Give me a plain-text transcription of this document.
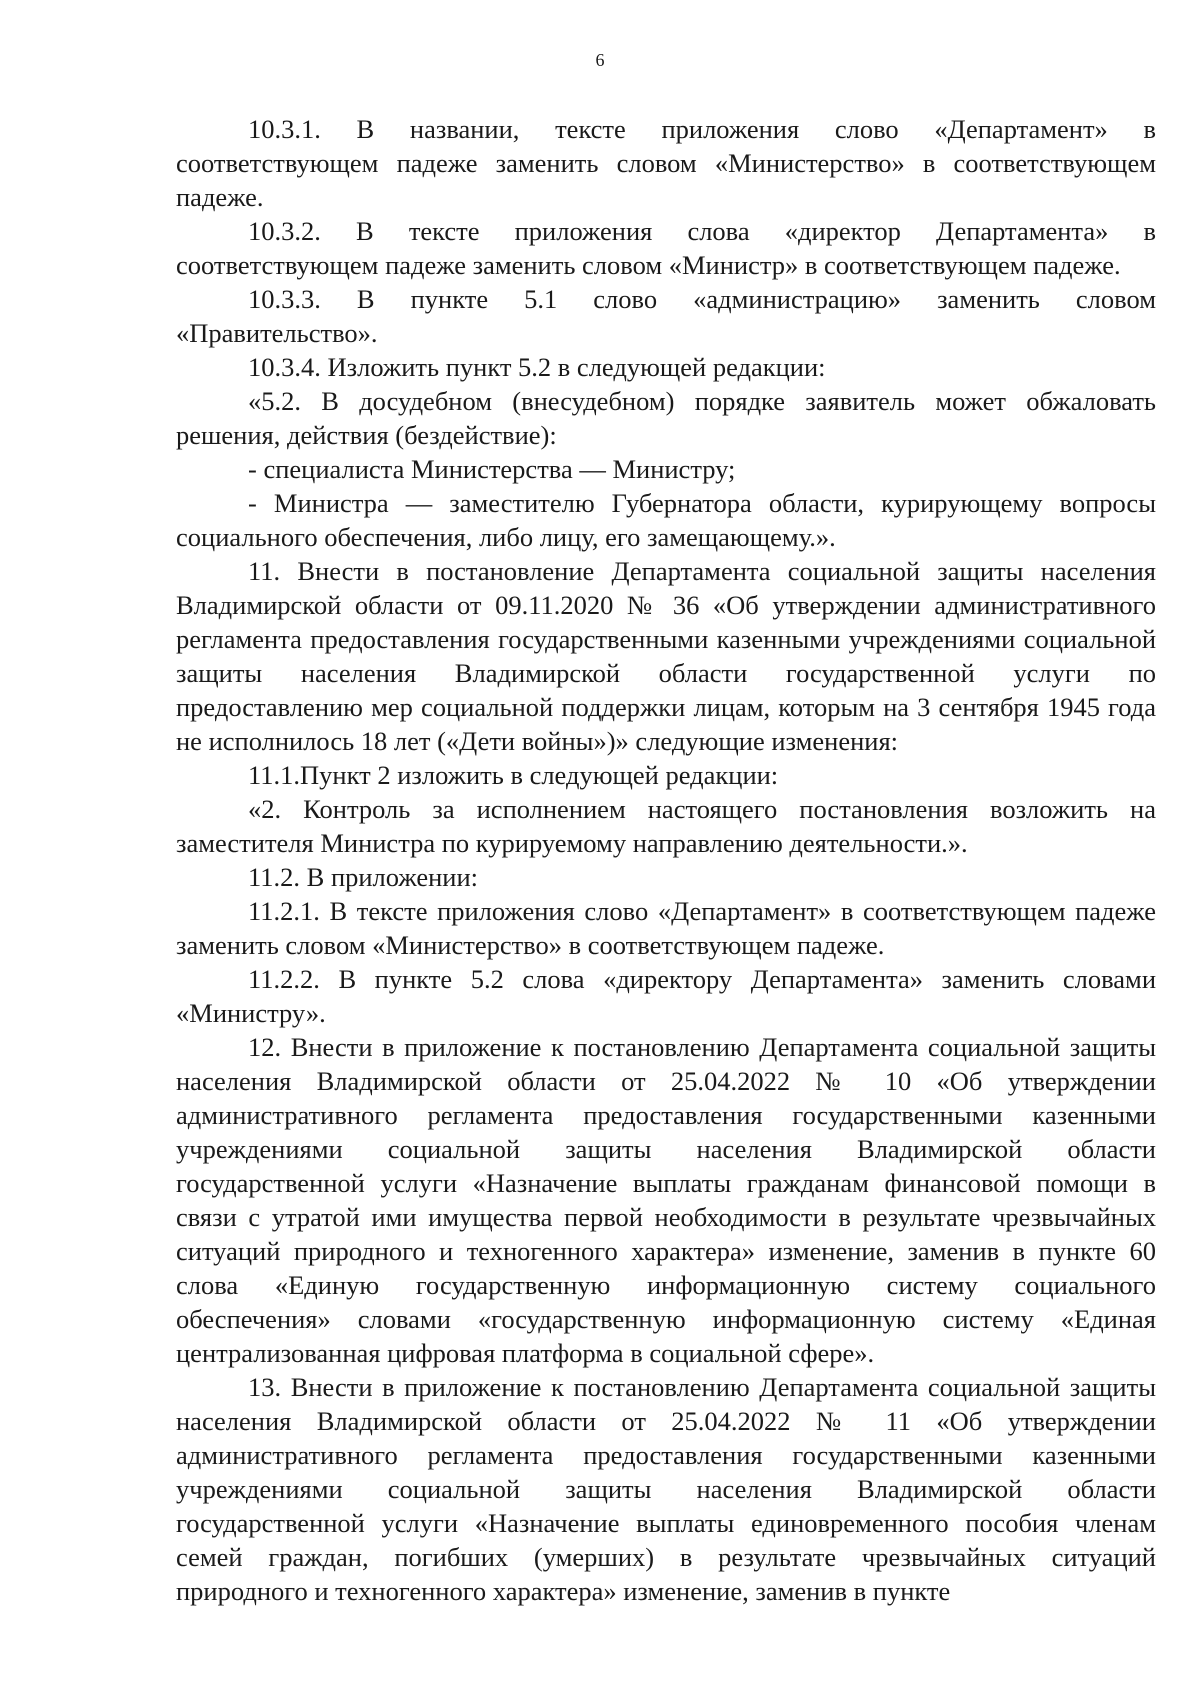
6

10.3.1. В названии, тексте приложения слово «Департамент» в соответствующем падеже заменить словом «Министерство» в соответствующем падеже.

10.3.2. В тексте приложения слова «директор Департамента» в соответствующем падеже заменить словом «Министр» в соответствующем падеже.

10.3.3. В пункте 5.1 слово «администрацию» заменить словом «Правительство».

10.3.4. Изложить пункт 5.2 в следующей редакции:

«5.2. В досудебном (внесудебном) порядке заявитель может обжаловать решения, действия (бездействие):

- специалиста Министерства — Министру;

- Министра — заместителю Губернатора области, курирующему вопросы социального обеспечения, либо лицу, его замещающему.».

11. Внести в постановление Департамента социальной защиты населения Владимирской области от 09.11.2020 № 36 «Об утверждении административного регламента предоставления государственными казенными учреждениями социальной защиты населения Владимирской области государственной услуги по предоставлению мер социальной поддержки лицам, которым на 3 сентября 1945 года не исполнилось 18 лет («Дети войны»)» следующие изменения:

11.1.Пункт 2 изложить в следующей редакции:

«2. Контроль за исполнением настоящего постановления возложить на заместителя Министра по курируемому направлению деятельности.».

11.2. В приложении:

11.2.1. В тексте приложения слово «Департамент» в соответствующем падеже заменить словом «Министерство» в соответствующем падеже.

11.2.2. В пункте 5.2 слова «директору Департамента» заменить словами «Министру».

12. Внести в приложение к постановлению Департамента социальной защиты населения Владимирской области от 25.04.2022 № 10 «Об утверждении административного регламента предоставления государственными казенными учреждениями социальной защиты населения Владимирской области государственной услуги «Назначение выплаты гражданам финансовой помощи в связи с утратой ими имущества первой необходимости в результате чрезвычайных ситуаций природного и техногенного характера» изменение, заменив в пункте 60 слова «Единую государственную информационную систему социального обеспечения» словами «государственную информационную систему «Единая централизованная цифровая платформа в социальной сфере».

13. Внести в приложение к постановлению Департамента социальной защиты населения Владимирской области от 25.04.2022 № 11 «Об утверждении административного регламента предоставления государственными казенными учреждениями социальной защиты населения Владимирской области государственной услуги «Назначение выплаты единовременного пособия членам семей граждан, погибших (умерших) в результате чрезвычайных ситуаций природного и техногенного характера» изменение, заменив в пункте
